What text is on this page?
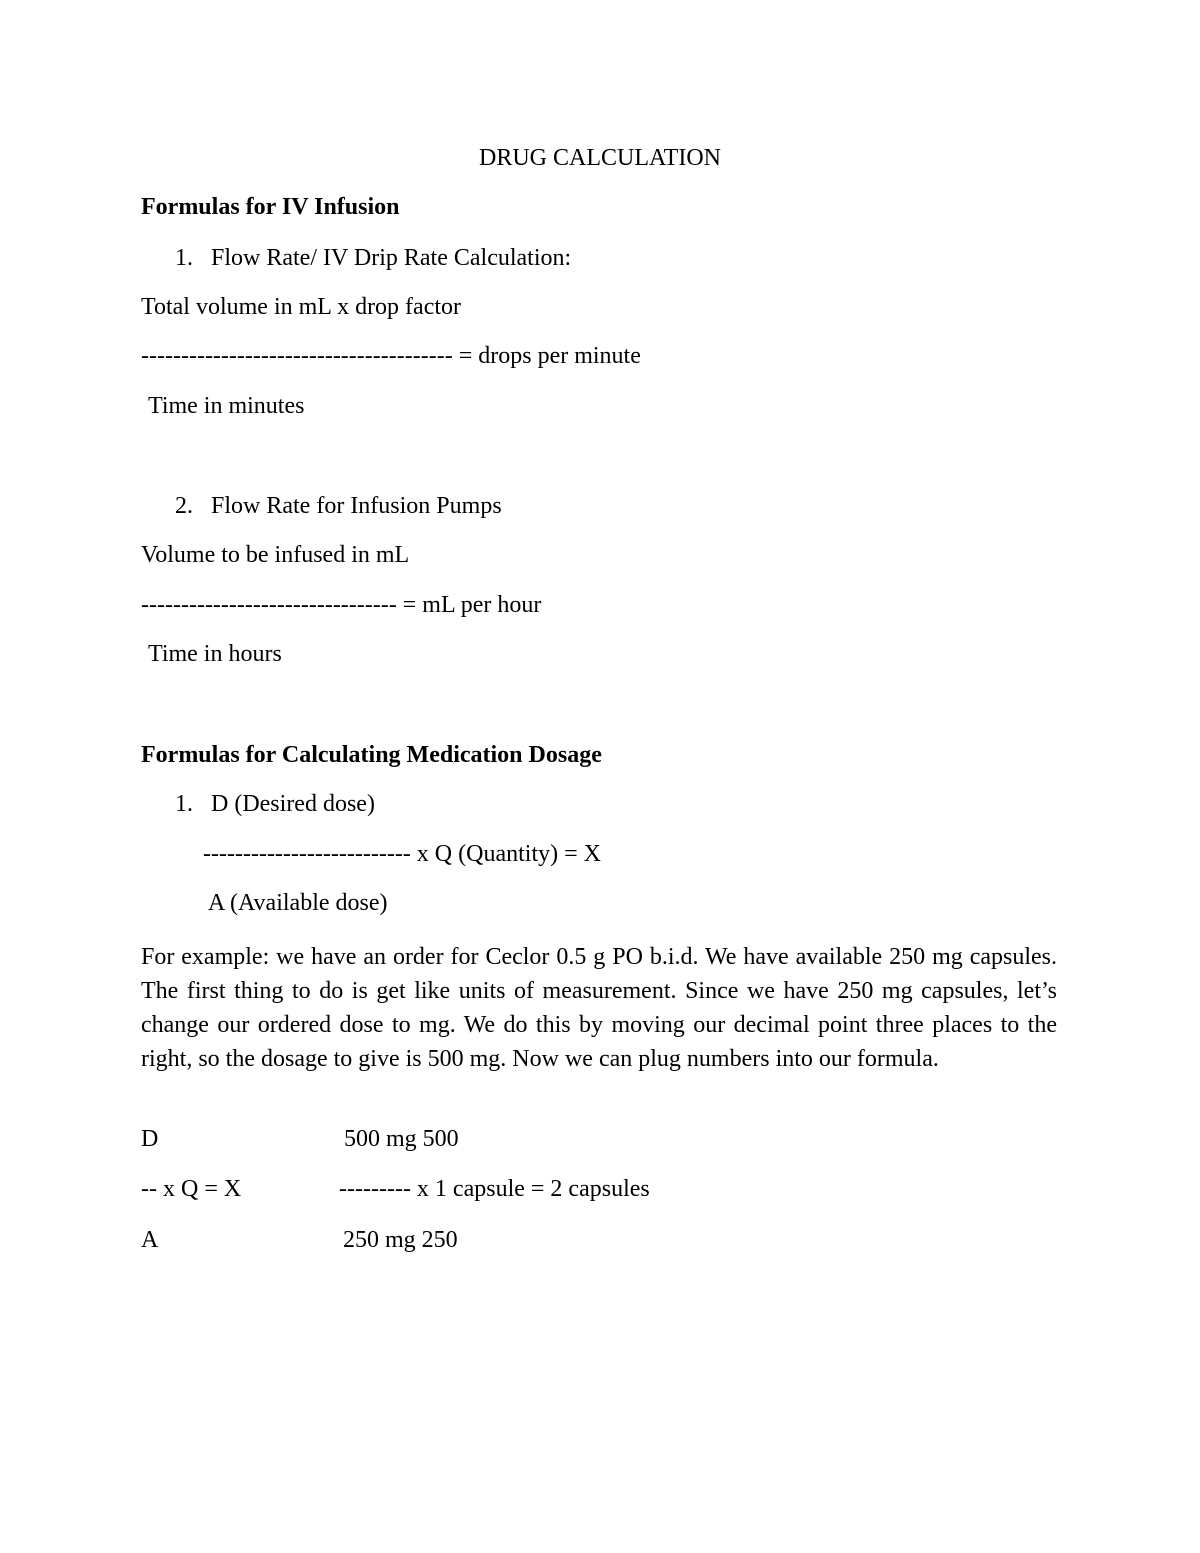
DRUG CALCULATION
Formulas for IV Infusion
1. Flow Rate/ IV Drip Rate Calculation:
Total volume in mL x drop factor
--------------------------------------- = drops per minute
Time in minutes
2. Flow Rate for Infusion Pumps
Volume to be infused in mL
-------------------------------- = mL per hour
Time in hours
Formulas for Calculating Medication Dosage
1. D (Desired dose)
-------------------------- x Q (Quantity) = X
A (Available dose)
For example: we have an order for Ceclor 0.5 g PO b.i.d. We have available 250 mg capsules. The first thing to do is get like units of measurement. Since we have 250 mg capsules, let’s change our ordered dose to mg. We do this by moving our decimal point three places to the right, so the dosage to give is 500 mg. Now we can plug numbers into our formula.
D	500 mg 500
-- x Q = X	--------- x 1 capsule = 2 capsules
A	250 mg 250
